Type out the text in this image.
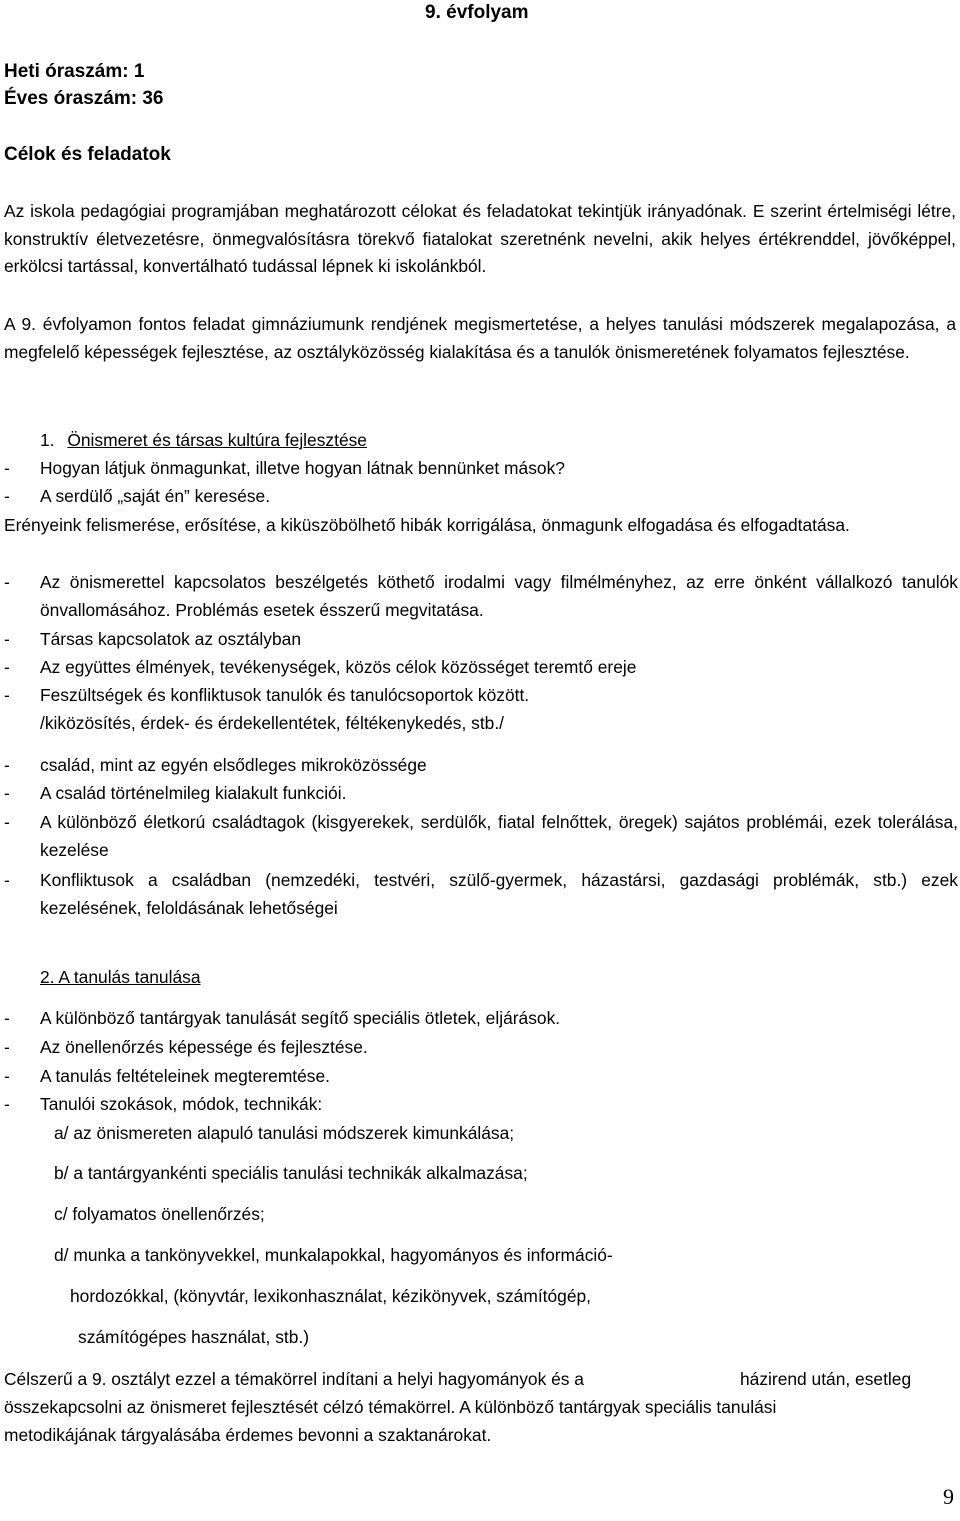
9. évfolyam
Heti óraszám: 1
Éves óraszám: 36
Célok és feladatok
Az iskola pedagógiai programjában meghatározott célokat és feladatokat tekintjük irányadónak. E szerint értelmiségi létre, konstruktív életvezetésre, önmegvalósításra törekvő fiatalokat szeretnénk nevelni, akik helyes értékrenddel, jövőképpel, erkölcsi tartással, konvertálható tudással lépnek ki iskolánkból.
A 9. évfolyamon fontos feladat gimnáziumunk rendjének megismertetése, a helyes tanulási módszerek megalapozása, a megfelelő képességek fejlesztése, az osztályközösség kialakítása és a tanulók önismeretének folyamatos fejlesztése.
1. Önismeret és társas kultúra fejlesztése
- Hogyan látjuk önmagunkat, illetve hogyan látnak bennünket mások?
- A serdülő „saját én” keresése.
Erényeink felismerése, erősítése, a kiküszöbölhető hibák korrigálása, önmagunk elfogadása és elfogadtatása.
- Az önismerettel kapcsolatos beszélgetés köthető irodalmi vagy filmélményhez, az erre önként vállalkozó tanulók önvallomásához. Problémás esetek ésszerű megvitatása.
- Társas kapcsolatok az osztályban
- Az együttes élmények, tevékenységek, közös célok közösséget teremtő ereje
- Feszültségek és konfliktusok tanulók és tanulócsoportok között.
/kiközösítés, érdek- és érdekellentétek, féltékenykedés, stb./
- család, mint az egyén elsődleges mikroközössége
- A család történelmileg kialakult funkciói.
- A különböző életkorú családtagok (kisgyerekek, serdülők, fiatal felnőttek, öregek) sajátos problémái, ezek tolerálása, kezelése
- Konfliktusok a családban (nemzedéki, testvéri, szülő-gyermek, házastársi, gazdasági problémák, stb.) ezek kezelésének, feloldásának lehetőségei
2. A tanulás tanulása
- A különböző tantárgyak tanulását segítő speciális ötletek, eljárások.
- Az önellenőrzés képessége és fejlesztése.
- A tanulás feltételeinek megteremtése.
- Tanulói szokások, módok, technikák:
a/ az önismereten alapuló tanulási módszerek kimunkálása;
b/ a tantárgyankénti speciális tanulási technikák alkalmazása;
c/ folyamatos önellenőrzés;
d/ munka a tankönyvekkel, munkalapokkal, hagyományos és információ-
hordozókkal, (könyvtár, lexikonhasználat, kézikönyvek, számítógép,
számítógépes használat, stb.)
Célszerű a 9. osztályt ezzel a témakörrel indítani a helyi hagyományok és a	házirend után, esetleg
összekapcsolni az önismeret fejlesztését célzó témakörrel. A különböző tantárgyak speciális tanulási
metodikájának tárgyalásába érdemes bevonni a szaktanárokat.
9
